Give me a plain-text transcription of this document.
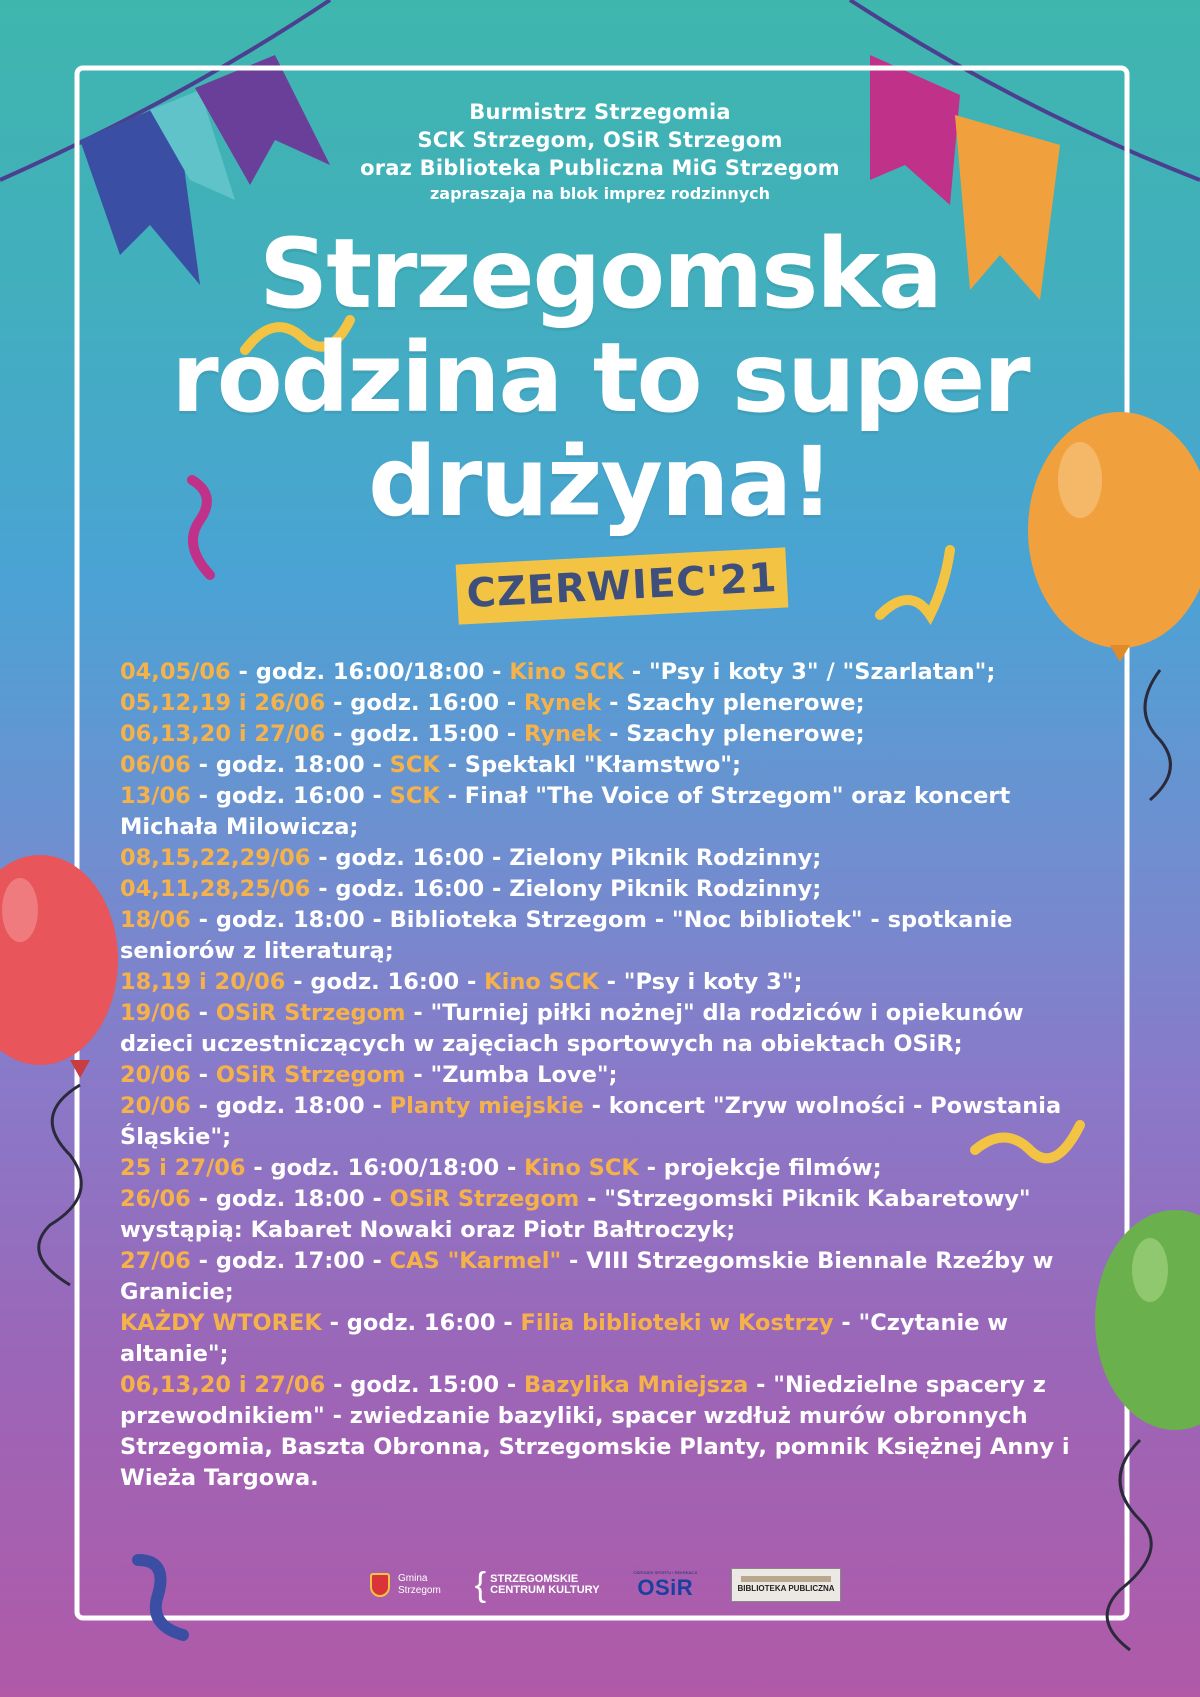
Burmistrz Strzegomia
SCK Strzegom, OSiR Strzegom
oraz Biblioteka Publiczna MiG Strzegom
zapraszaja na blok imprez rodzinnych
Strzegomska
rodzina to super
drużyna!
CZERWIEC'21

04,05/06 - godz. 16:00/18:00 - Kino SCK - "Psy i koty 3" / "Szarlatan";

05,12,19 i 26/06 - godz. 16:00 - Rynek - Szachy plenerowe;

06,13,20 i 27/06 - godz. 15:00 - Rynek - Szachy plenerowe;

06/06 - godz. 18:00 - SCK - Spektakl "Kłamstwo";

13/06 - godz. 16:00 - SCK - Finał "The Voice of Strzegom" oraz koncert Michała Milowicza;

08,15,22,29/06 - godz. 16:00 - Zielony Piknik Rodzinny;

04,11,28,25/06 - godz. 16:00 - Zielony Piknik Rodzinny;

18/06 - godz. 18:00 - Biblioteka Strzegom - "Noc bibliotek" - spotkanie seniorów z literaturą;

18,19 i 20/06 - godz. 16:00 - Kino SCK - "Psy i koty 3";

19/06 - OSiR Strzegom - "Turniej piłki nożnej" dla rodziców i opiekunów dzieci uczestniczących w zajęciach sportowych na obiektach OSiR;

20/06 - OSiR Strzegom - "Zumba Love";

20/06 - godz. 18:00 - Planty miejskie - koncert "Zryw wolności - Powstania Śląskie";

25 i 27/06 - godz. 16:00/18:00 - Kino SCK - projekcje filmów;

26/06 - godz. 18:00 - OSiR Strzegom - "Strzegomski Piknik Kabaretowy" wystąpią: Kabaret Nowaki oraz Piotr Bałtroczyk;

27/06 - godz. 17:00 - CAS "Karmel" - VIII Strzegomskie Biennale Rzeźby w Granicie;

KAŻDY WTOREK - godz. 16:00 - Filia biblioteki w Kostrzy - "Czytanie w altanie";

06,13,20 i 27/06 - godz. 15:00 - Bazylika Mniejsza - "Niedzielne spacery z przewodnikiem" - zwiedzanie bazyliki, spacer wzdłuż murów obronnych Strzegomia, Baszta Obronna, Strzegomskie Planty, pomnik Księżnej Anny i Wieża Targowa.

Gmina
Strzegom { STRZEGOMSKIE
CENTRUM KULTURY
OŚRODEK SPORTU I REKREACJI
OSiR	BIBLIOTEKA PUBLICZNA
